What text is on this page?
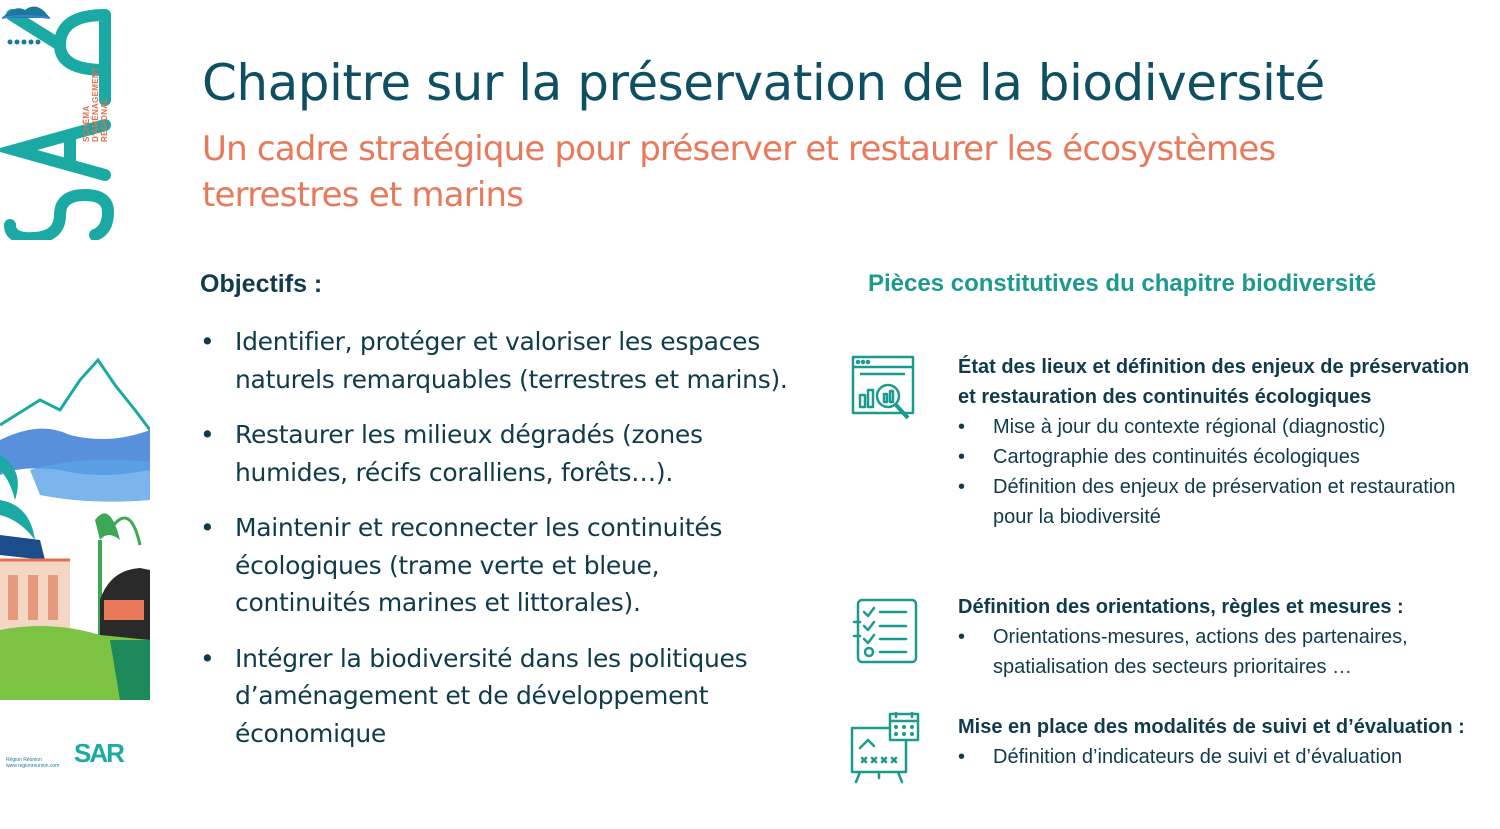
SCHÉMA
D'AMÉNAGEMENT
RÉGIONAL
Région Réunion
www.regionreunion.com SAR
Chapitre sur la préservation de la biodiversité
Un cadre stratégique pour préserver et restaurer les écosystèmes terrestres et marins
Objectifs :
• Identifier, protéger et valoriser les espaces naturels remarquables (terrestres et marins).
• Restaurer les milieux dégradés (zones humides, récifs coralliens, forêts…).
• Maintenir et reconnecter les continuités écologiques (trame verte et bleue, continuités marines et littorales).
• Intégrer la biodiversité dans les politiques d’aménagement et de développement économique
Pièces constitutives du chapitre biodiversité
État des lieux et définition des enjeux de préservation et restauration des continuités écologiques
• Mise à jour du contexte régional (diagnostic)
• Cartographie des continuités écologiques
• Définition des enjeux de préservation et restauration pour la biodiversité
Définition des orientations, règles et mesures :
• Orientations-mesures, actions des partenaires, spatialisation des secteurs prioritaires …
Mise en place des modalités de suivi et d’évaluation :
• Définition d’indicateurs de suivi et d’évaluation
